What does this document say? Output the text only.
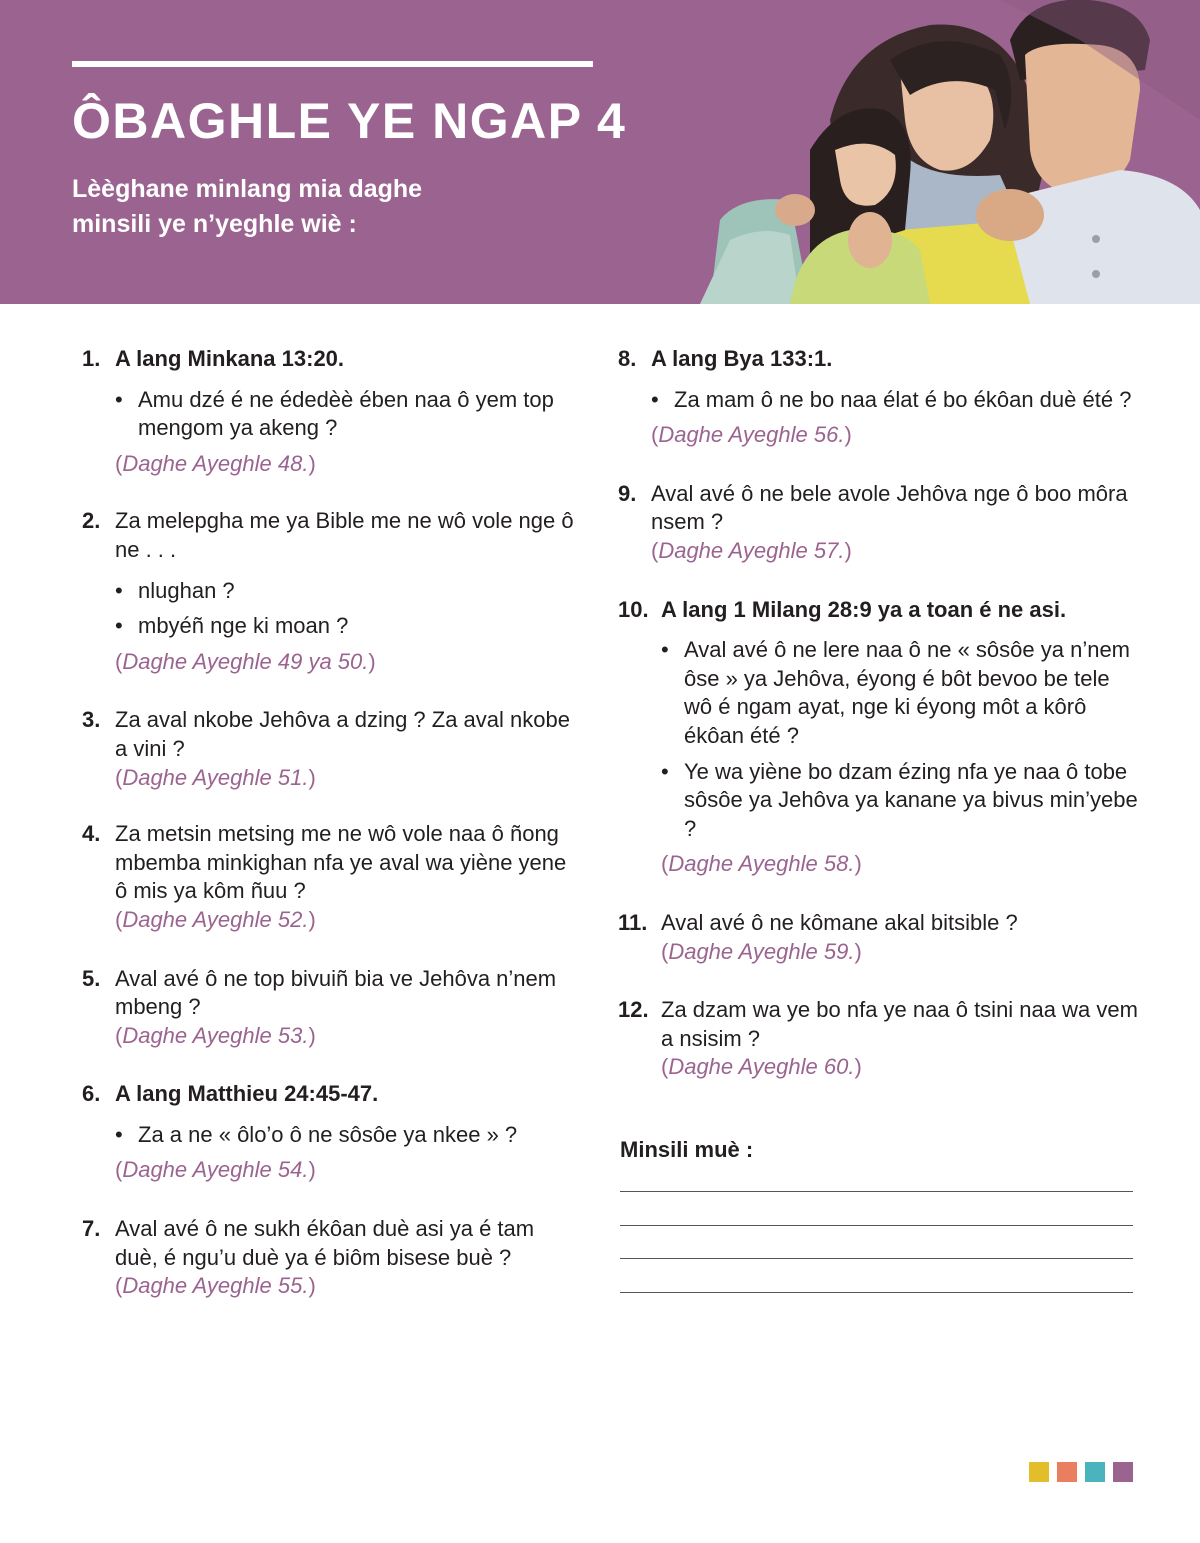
ÔBAGHLE YE NGAP 4
Lèèghane minlang mia daghe minsili ye n’yeghle wiè :
1. A lang Minkana 13:20.
• Amu dzé é ne édedèè ében naa ô yem top mengom ya akeng ?
(Daghe Ayeghle 48.)
2. Za melepgha me ya Bible me ne wô vole nge ô ne . . .
• nlughan ?
• mbyéñ nge ki moan ?
(Daghe Ayeghle 49 ya 50.)
3. Za aval nkobe Jehôva a dzing ? Za aval nkobe a vini ?
(Daghe Ayeghle 51.)
4. Za metsin metsing me ne wô vole naa ô ñong mbemba minkighan nfa ye aval wa yiène yene ô mis ya kôm ñuu ?
(Daghe Ayeghle 52.)
5. Aval avé ô ne top bivuiñ bia ve Jehôva n’nem mbeng ?
(Daghe Ayeghle 53.)
6. A lang Matthieu 24:45-47.
• Za a ne « ôlo’o ô ne sôsôe ya nkee » ?
(Daghe Ayeghle 54.)
7. Aval avé ô ne sukh ékôan duè asi ya é tam duè, é ngu’u duè ya é biôm bisese buè ?
(Daghe Ayeghle 55.)
8. A lang Bya 133:1.
• Za mam ô ne bo naa élat é bo ékôan duè été ?
(Daghe Ayeghle 56.)
9. Aval avé ô ne bele avole Jehôva nge ô boo môra nsem ?
(Daghe Ayeghle 57.)
10. A lang 1 Milang 28:9 ya a toan é ne asi.
• Aval avé ô ne lere naa ô ne « sôsôe ya n’nem ôse » ya Jehôva, éyong é bôt bevoo be tele wô é ngam ayat, nge ki éyong môt a kôrô ékôan été ?
• Ye wa yiène bo dzam ézing nfa ye naa ô tobe sôsôe ya Jehôva ya kanane ya bivus min’yebe ?
(Daghe Ayeghle 58.)
11. Aval avé ô ne kômane akal bitsible ?
(Daghe Ayeghle 59.)
12. Za dzam wa ye bo nfa ye naa ô tsini naa wa vem a nsisim ?
(Daghe Ayeghle 60.)
Minsili muè :
